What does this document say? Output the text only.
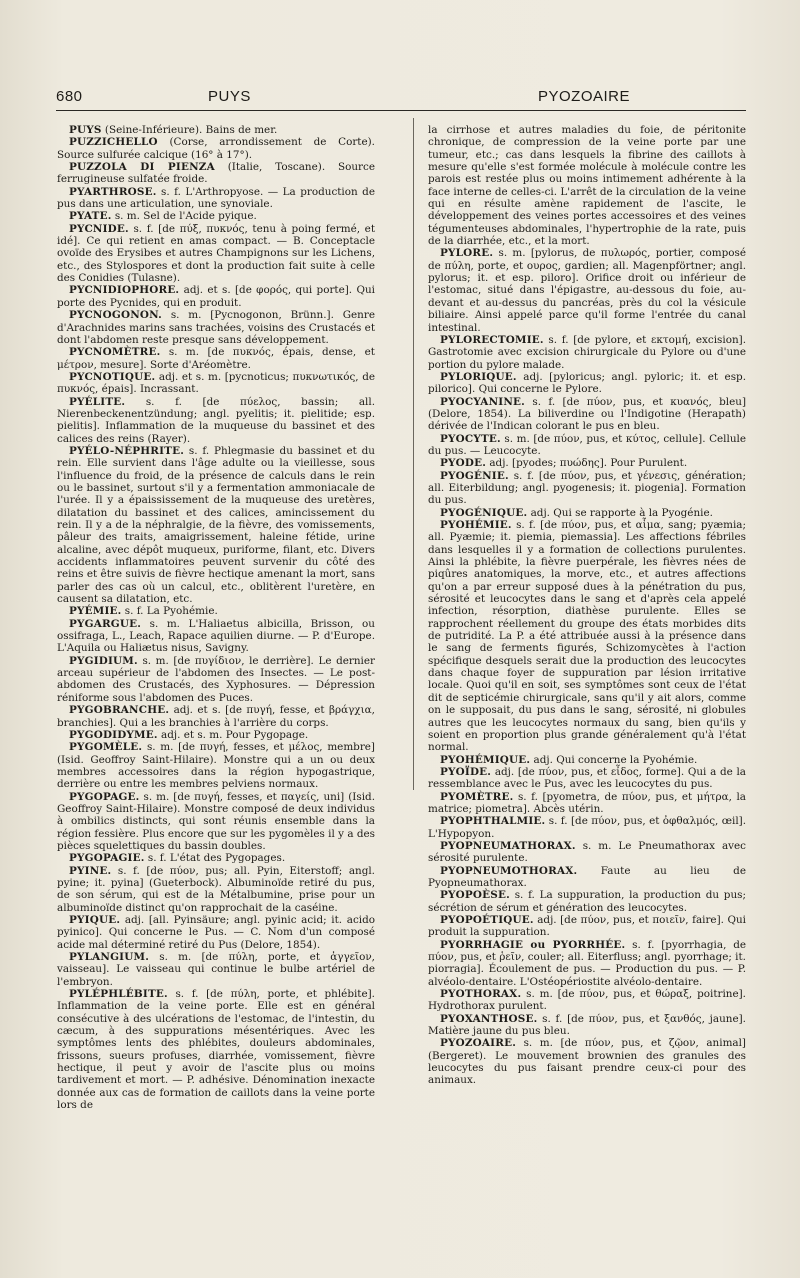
680	PUYS	PYOZOAIRE

PUYS (Seine-Inférieure). Bains de mer.

PUZZICHELLO (Corse, arrondissement de Corte). Source sulfurée calcique (16° à 17°).

PUZZOLA DI PIENZA (Italie, Toscane). Source ferrugineuse sulfatée froide.

PYARTHROSE. s. f. L'Arthropyose. — La production de pus dans une articulation, une synoviale.

PYATE. s. m. Sel de l'Acide pyique.

PYCNIDE. s. f. [de πύξ, πυκνός, tenu à poing fermé, et idé]. Ce qui retient en amas compact. — B. Conceptacle ovoïde des Erysibes et autres Champignons sur les Lichens, etc., des Stylospores et dont la production fait suite à celle des Conidies (Tulasne).

PYCNIDIOPHORE. adj. et s. [de φορός, qui porte]. Qui porte des Pycnides, qui en produit.

PYCNOGONON. s. m. [Pycnogonon, Brünn.]. Genre d'Arachnides marins sans trachées, voisins des Crustacés et dont l'abdomen reste presque sans développement.

PYCNOMÈTRE. s. m. [de πυκνός, épais, dense, et μέτρον, mesure]. Sorte d'Aréomètre.

PYCNOTIQUE. adj. et s. m. [pycnoticus; πυκνωτικός, de πυκνός, épais]. Incrassant.

PYÉLITE. s. f. [de πύελος, bassin; all. Nierenbeckenentzündung; angl. pyelitis; it. pielitide; esp. pielitis]. Inflammation de la muqueuse du bassinet et des calices des reins (Rayer).

PYÉLO-NÉPHRITE. s. f. Phlegmasie du bassinet et du rein. Elle survient dans l'âge adulte ou la vieillesse, sous l'influence du froid, de la présence de calculs dans le rein ou le bassinet, surtout s'il y a fermentation ammoniacale de l'urée. Il y a épaississement de la muqueuse des uretères, dilatation du bassinet et des calices, amincissement du rein. Il y a de la néphralgie, de la fièvre, des vomissements, pâleur des traits, amaigrissement, haleine fétide, urine alcaline, avec dépôt muqueux, puriforme, filant, etc. Divers accidents inflammatoires peuvent survenir du côté des reins et être suivis de fièvre hectique amenant la mort, sans parler des cas où un calcul, etc., oblitèrent l'uretère, en causent sa dilatation, etc.

PYÉMIE. s. f. La Pyohémie.

PYGARGUE. s. m. L'Haliaetus albicilla, Brisson, ou ossifraga, L., Leach, Rapace aquilien diurne. — P. d'Europe. L'Aquila ou Haliætus nisus, Savigny.

PYGIDIUM. s. m. [de πυγίδιον, le derrière]. Le dernier arceau supérieur de l'abdomen des Insectes. — Le post-abdomen des Crustacés, des Xyphosures. — Dépression réniforme sous l'abdomen des Puces.

PYGOBRANCHE. adj. et s. [de πυγή, fesse, et βράγχια, branchies]. Qui a les branchies à l'arrière du corps.

PYGODIDYME. adj. et s. m. Pour Pygopage.

PYGOMÈLE. s. m. [de πυγή, fesses, et μέλος, membre] (Isid. Geoffroy Saint-Hilaire). Monstre qui a un ou deux membres accessoires dans la région hypogastrique, derrière ou entre les membres pelviens normaux.

PYGOPAGE. s. m. [de πυγή, fesses, et παγείς, uni] (Isid. Geoffroy Saint-Hilaire). Monstre composé de deux individus à ombilics distincts, qui sont réunis ensemble dans la région fessière. Plus encore que sur les pygomèles il y a des pièces squelettiques du bassin doubles.

PYGOPAGIE. s. f. L'état des Pygopages.

PYINE. s. f. [de πύον, pus; all. Pyin, Eiterstoff; angl. pyine; it. pyina] (Gueterbock). Albuminoïde retiré du pus, de son sérum, qui est de la Métalbumine, prise pour un albuminoïde distinct qu'on rapprochait de la caséine.

PYIQUE. adj. [all. Pyinsäure; angl. pyinic acid; it. acido pyinico]. Qui concerne le Pus. — C. Nom d'un composé acide mal déterminé retiré du Pus (Delore, 1854).

PYLANGIUM. s. m. [de πύλη, porte, et ἀγγεῖον, vaisseau]. Le vaisseau qui continue le bulbe artériel de l'embryon.

PYLÉPHLÉBITE. s. f. [de πύλη, porte, et phlébite]. Inflammation de la veine porte. Elle est en général consécutive à des ulcérations de l'estomac, de l'intestin, du cæcum, à des suppurations mésentériques. Avec les symptômes lents des phlébites, douleurs abdominales, frissons, sueurs profuses, diarrhée, vomissement, fièvre hectique, il peut y avoir de l'ascite plus ou moins tardivement et mort. — P. adhésive. Dénomination inexacte donnée aux cas de formation de caillots dans la veine porte lors de

la cirrhose et autres maladies du foie, de péritonite chronique, de compression de la veine porte par une tumeur, etc.; cas dans lesquels la fibrine des caillots à mesure qu'elle s'est formée molécule à molécule contre les parois est restée plus ou moins intimement adhérente à la face interne de celles-ci. L'arrêt de la circulation de la veine qui en résulte amène rapidement de l'ascite, le développement des veines portes accessoires et des veines tégumenteuses abdominales, l'hypertrophie de la rate, puis de la diarrhée, etc., et la mort.

PYLORE. s. m. [pylorus, de πυλωρός, portier, composé de πύλη, porte, et ουρος, gardien; all. Magenpförtner; angl. pylorus; it. et esp. piloro]. Orifice droit ou inférieur de l'estomac, situé dans l'épigastre, au-dessous du foie, au-devant et au-dessus du pancréas, près du col la vésicule biliaire. Ainsi appelé parce qu'il forme l'entrée du canal intestinal.

PYLORECTOMIE. s. f. [de pylore, et εκτομή, excision]. Gastrotomie avec excision chirurgicale du Pylore ou d'une portion du pylore malade.

PYLORIQUE. adj. [pyloricus; angl. pyloric; it. et esp. pilorico]. Qui concerne le Pylore.

PYOCYANINE. s. f. [de πύον, pus, et κυανός, bleu] (Delore, 1854). La biliverdine ou l'Indigotine (Herapath) dérivée de l'Indican colorant le pus en bleu.

PYOCYTE. s. m. [de πύον, pus, et κύτος, cellule]. Cellule du pus. — Leucocyte.

PYODE. adj. [pyodes; πυώδης]. Pour Purulent.

PYOGÉNIE. s. f. [de πύον, pus, et γένεσις, génération; all. Eiterbildung; angl. pyogenesis; it. piogenia]. Formation du pus.

PYOGÉNIQUE. adj. Qui se rapporte à la Pyogénie.

PYOHÉMIE. s. f. [de πύον, pus, et αἷμα, sang; pyæmia; all. Pyæmie; it. piemia, piemassia]. Les affections fébriles dans lesquelles il y a formation de collections purulentes. Ainsi la phlébite, la fièvre puerpérale, les fièvres nées de piqûres anatomiques, la morve, etc., et autres affections qu'on a par erreur supposé dues à la pénétration du pus, sérosité et leucocytes dans le sang et d'après cela appelé infection, résorption, diathèse purulente. Elles se rapprochent réellement du groupe des états morbides dits de putridité. La P. a été attribuée aussi à la présence dans le sang de ferments figurés, Schizomycètes à l'action spécifique desquels serait due la production des leucocytes dans chaque foyer de suppuration par lésion irritative locale. Quoi qu'il en soit, ses symptômes sont ceux de l'état dit de septicémie chirurgicale, sans qu'il y ait alors, comme on le supposait, du pus dans le sang, sérosité, ni globules autres que les leucocytes normaux du sang, bien qu'ils y soient en proportion plus grande généralement qu'à l'état normal.

PYOHÉMIQUE. adj. Qui concerne la Pyohémie.

PYOÏDE. adj. [de πύον, pus, et εἶδος, forme]. Qui a de la ressemblance avec le Pus, avec les leucocytes du pus.

PYOMÈTRE. s. f. [pyometra, de πύον, pus, et μήτρα, la matrice; piometra]. Abcès utérin.

PYOPHTHALMIE. s. f. [de πύον, pus, et ὀφθαλμός, œil]. L'Hypopyon.

PYOPNEUMATHORAX. s. m. Le Pneumathorax avec sérosité purulente.

PYOPNEUMOTHORAX. Faute au lieu de Pyopneumathorax.

PYOPOÈSE. s. f. La suppuration, la production du pus; sécrétion de sérum et génération des leucocytes.

PYOPOÉTIQUE. adj. [de πύον, pus, et ποιεῖν, faire]. Qui produit la suppuration.

PYORRHAGIE ou PYORRHÉE. s. f. [pyorrhagia, de πύον, pus, et ῥεῖν, couler; all. Eiterfluss; angl. pyorrhage; it. piorragia]. Écoulement de pus. — Production du pus. — P. alvéolo-dentaire. L'Ostéopériostite alvéolo-dentaire.

PYOTHORAX. s. m. [de πύον, pus, et θώραξ, poitrine]. Hydrothorax purulent.

PYOXANTHOSE. s. f. [de πύον, pus, et ξανθός, jaune]. Matière jaune du pus bleu.

PYOZOAIRE. s. m. [de πύον, pus, et ζῷον, animal] (Bergeret). Le mouvement brownien des granules des leucocytes du pus faisant prendre ceux-ci pour des animaux.
